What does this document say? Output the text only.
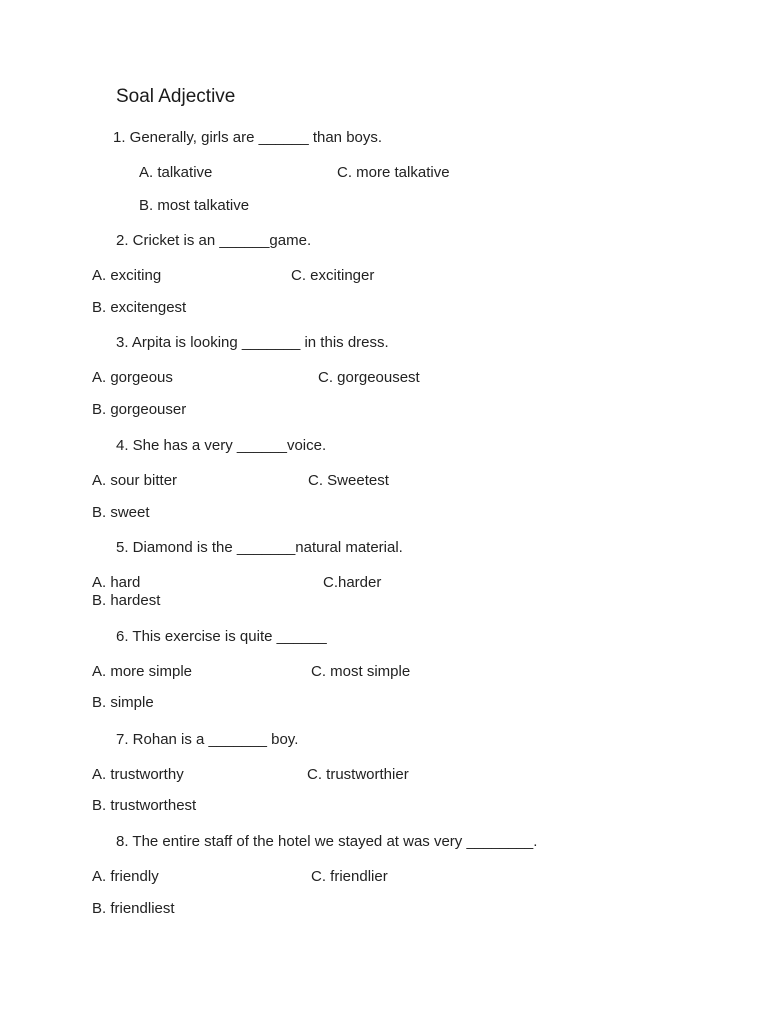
Soal Adjective
1. Generally, girls are ______ than boys.
A. talkative	C. more talkative
B. most talkative
2. Cricket is an ______game.
A. exciting	C. excitinger
B. excitengest
3. Arpita is looking _______ in this dress.
A. gorgeous	C. gorgeousest
B. gorgeouser
4. She has a very ______voice.
A. sour bitter	C. Sweetest
B. sweet
5. Diamond is the _______natural material.
A. hard	C.harder
B. hardest
6. This exercise is quite ______
A. more simple	C. most simple
B. simple
7. Rohan is a _______ boy.
A. trustworthy	C. trustworthier
B. trustworthest
8. The entire staff of the hotel we stayed at was very ________.
A. friendly	C. friendlier
B. friendliest
